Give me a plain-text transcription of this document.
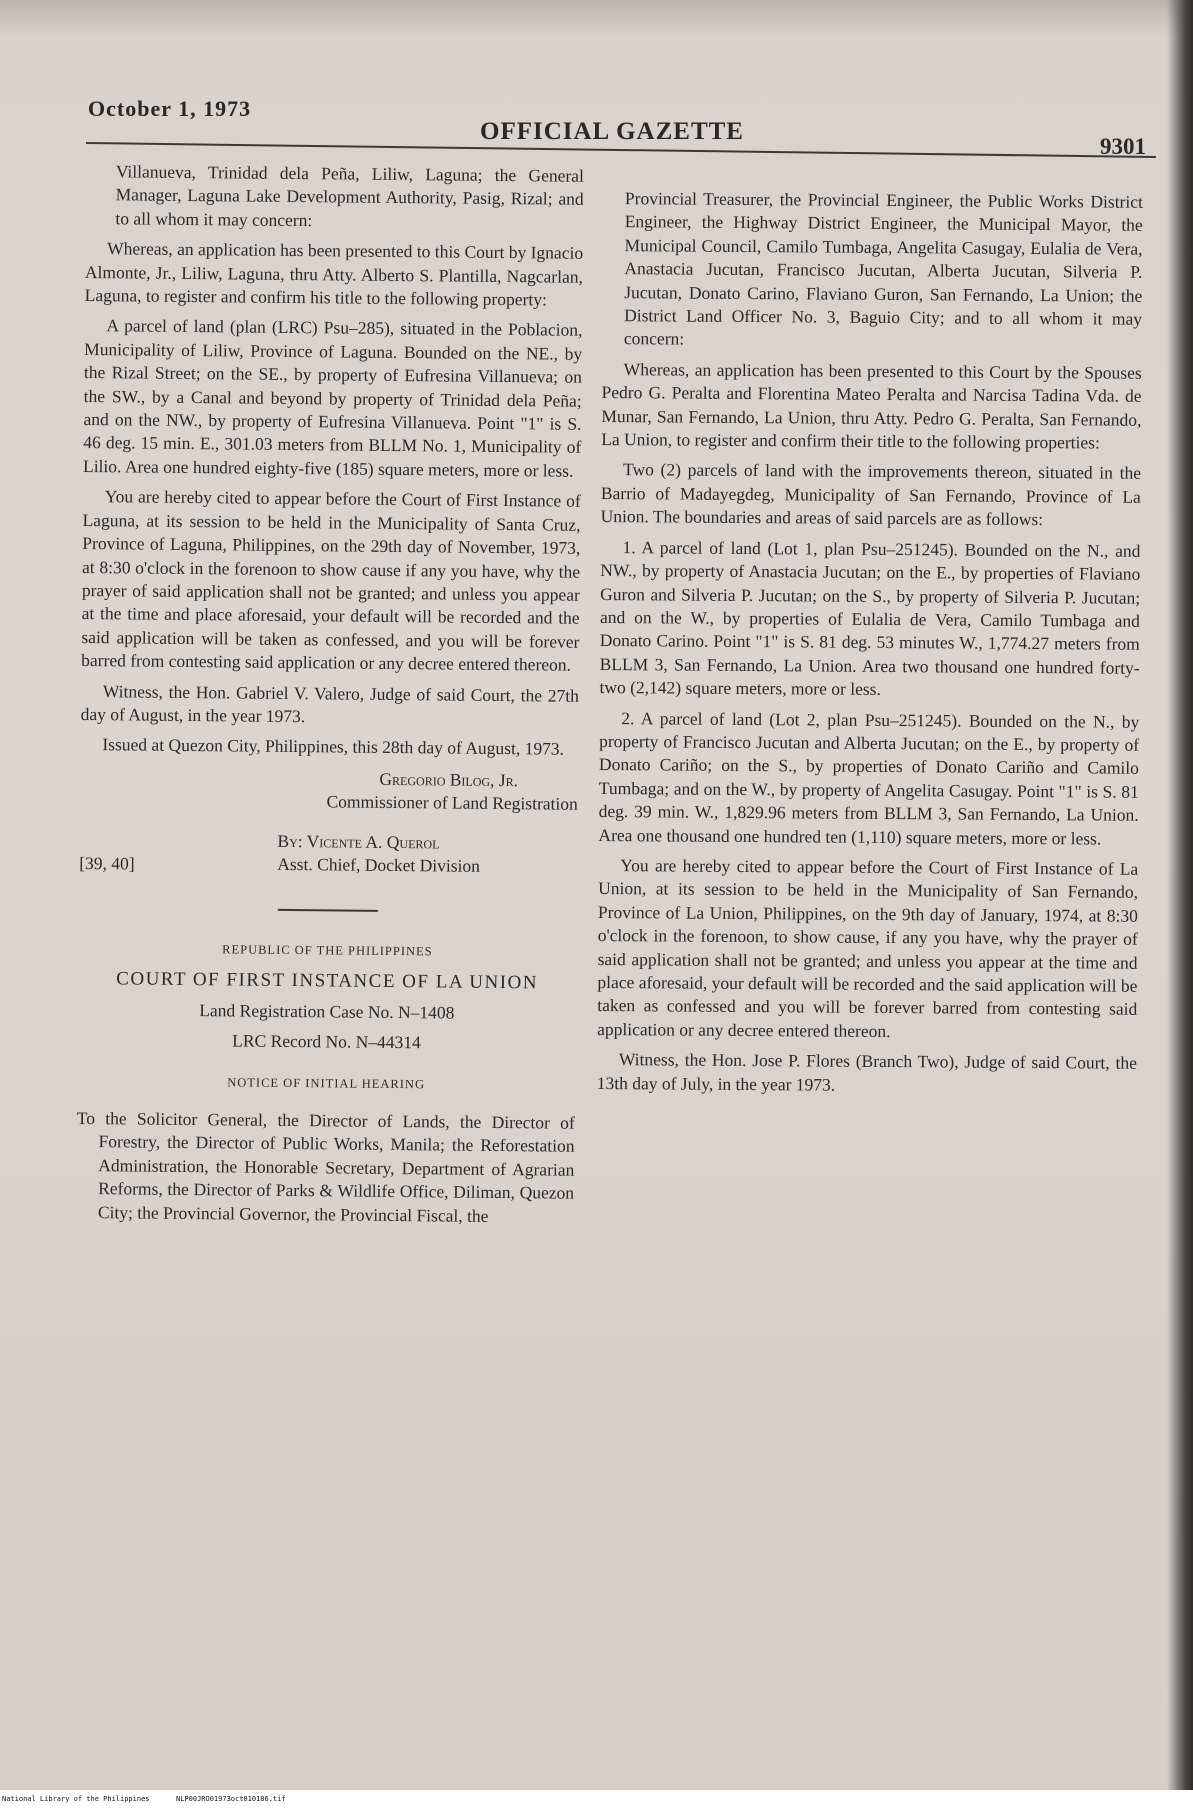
October 1, 1973
OFFICIAL GAZETTE
9301

Villanueva, Trinidad dela Peña, Liliw, Laguna; the General Manager, Laguna Lake Development Authority, Pasig, Rizal; and to all whom it may concern:

Whereas, an application has been presented to this Court by Ignacio Almonte, Jr., Liliw, Laguna, thru Atty. Alberto S. Plantilla, Nagcarlan, Laguna, to register and confirm his title to the following property:

A parcel of land (plan (LRC) Psu–285), situated in the Poblacion, Municipality of Liliw, Province of Laguna. Bounded on the NE., by the Rizal Street; on the SE., by property of Eufresina Villanueva; on the SW., by a Canal and beyond by property of Trinidad dela Peña; and on the NW., by property of Eufresina Villanueva. Point "1" is S. 46 deg. 15 min. E., 301.03 meters from BLLM No. 1, Municipality of Lilio. Area one hundred eighty-five (185) square meters, more or less.

You are hereby cited to appear before the Court of First Instance of Laguna, at its session to be held in the Municipality of Santa Cruz, Province of Laguna, Philippines, on the 29th day of November, 1973, at 8:30 o'clock in the forenoon to show cause if any you have, why the prayer of said application shall not be granted; and unless you appear at the time and place aforesaid, your default will be recorded and the said application will be taken as confessed, and you will be forever barred from contesting said application or any decree entered thereon.

Witness, the Hon. Gabriel V. Valero, Judge of said Court, the 27th day of August, in the year 1973.

Issued at Quezon City, Philippines, this 28th day of August, 1973.

Gregorio Bilog, Jr.
Commissioner of Land Registration
[39, 40]
By: Vicente A. Querol
Asst. Chief, Docket Division

REPUBLIC OF THE PHILIPPINES

COURT OF FIRST INSTANCE OF LA UNION

Land Registration Case No. N–1408

LRC Record No. N–44314

NOTICE OF INITIAL HEARING

To the Solicitor General, the Director of Lands, the Director of Forestry, the Director of Public Works, Manila; the Reforestation Administration, the Honorable Secretary, Department of Agrarian Reforms, the Director of Parks & Wildlife Office, Diliman, Quezon City; the Provincial Governor, the Provincial Fiscal, the

Provincial Treasurer, the Provincial Engineer, the Public Works District Engineer, the Highway District Engineer, the Municipal Mayor, the Municipal Council, Camilo Tumbaga, Angelita Casugay, Eulalia de Vera, Anastacia Jucutan, Francisco Jucutan, Alberta Jucutan, Silveria P. Jucutan, Donato Carino, Flaviano Guron, San Fernando, La Union; the District Land Officer No. 3, Baguio City; and to all whom it may concern:

Whereas, an application has been presented to this Court by the Spouses Pedro G. Peralta and Florentina Mateo Peralta and Narcisa Tadina Vda. de Munar, San Fernando, La Union, thru Atty. Pedro G. Peralta, San Fernando, La Union, to register and confirm their title to the following properties:

Two (2) parcels of land with the improvements thereon, situated in the Barrio of Madayegdeg, Municipality of San Fernando, Province of La Union. The boundaries and areas of said parcels are as follows:

1. A parcel of land (Lot 1, plan Psu–251245). Bounded on the N., and NW., by property of Anastacia Jucutan; on the E., by properties of Flaviano Guron and Silveria P. Jucutan; on the S., by property of Silveria P. Jucutan; and on the W., by properties of Eulalia de Vera, Camilo Tumbaga and Donato Carino. Point "1" is S. 81 deg. 53 minutes W., 1,774.27 meters from BLLM 3, San Fernando, La Union. Area two thousand one hundred forty-two (2,142) square meters, more or less.

2. A parcel of land (Lot 2, plan Psu–251245). Bounded on the N., by property of Francisco Jucutan and Alberta Jucutan; on the E., by property of Donato Cariño; on the S., by properties of Donato Cariño and Camilo Tumbaga; and on the W., by property of Angelita Casugay. Point "1" is S. 81 deg. 39 min. W., 1,829.96 meters from BLLM 3, San Fernando, La Union. Area one thousand one hundred ten (1,110) square meters, more or less.

You are hereby cited to appear before the Court of First Instance of La Union, at its session to be held in the Municipality of San Fernando, Province of La Union, Philippines, on the 9th day of January, 1974, at 8:30 o'clock in the forenoon, to show cause, if any you have, why the prayer of said application shall not be granted; and unless you appear at the time and place aforesaid, your default will be recorded and the said application will be taken as confessed and you will be forever barred from contesting said application or any decree entered thereon.

Witness, the Hon. Jose P. Flores (Branch Two), Judge of said Court, the 13th day of July, in the year 1973.

National Library of the Philippines	NLP00JRO01973oct010186.tif
